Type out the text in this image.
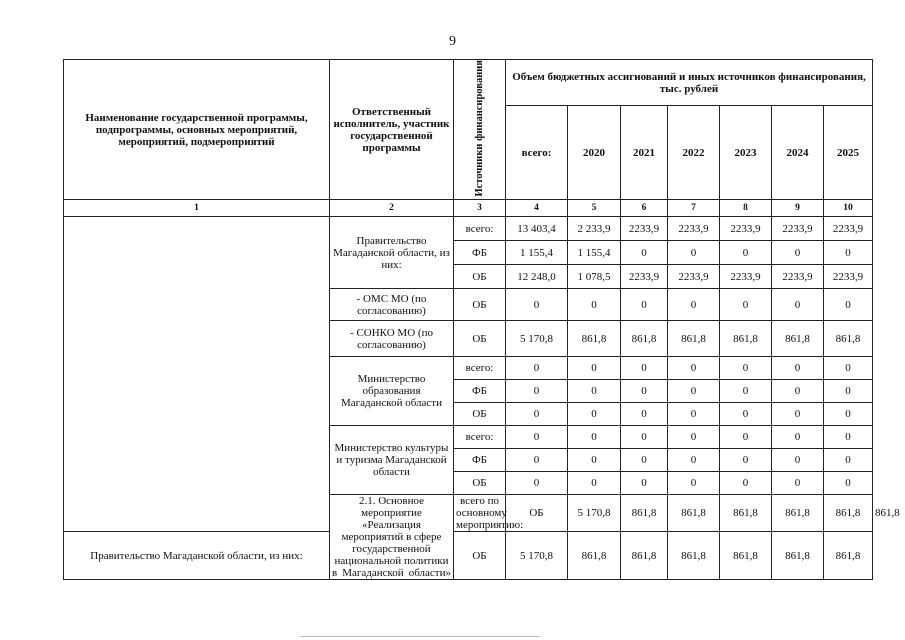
9
Наименование государственной программы, подпрограммы, основных мероприятий, мероприятий, подмероприятий	Ответственный исполнитель, участник государственной программы	Источники финансирования	Объем бюджетных ассигнований и иных источников финансирования, тыс. рублей							
			всего:	2020	2021	2022	2023	2024	2025	
1	2	3	4	5	6	7	8	9	10	
	Правительство Магаданской области, из них:	всего:	13 403,4	2 233,9	2233,9	2233,9	2233,9	2233,9	2233,9	
		ФБ	1 155,4	1 155,4	0	0	0	0	0	
		ОБ	12 248,0	1 078,5	2233,9	2233,9	2233,9	2233,9	2233,9	
	- ОМС МО (по согласованию)	ОБ	0	0	0	0	0	0	0	
	- СОНКО МО (по согласованию)	ОБ	5 170,8	861,8	861,8	861,8	861,8	861,8	861,8	
	Министерство образования Магаданской области	всего:	0	0	0	0	0	0	0	
		ФБ	0	0	0	0	0	0	0	
		ОБ	0	0	0	0	0	0	0	
	Министерство культуры и туризма Магаданской области	всего:	0	0	0	0	0	0	0	
		ФБ	0	0	0	0	0	0	0	
		ОБ	0	0	0	0	0	0	0	
	2.1. Основное мероприятие «Реализация мероприятий в сфере государственной национальной политики в Магаданской области»	всего по основному мероприятию:	ОБ	5 170,8	861,8	861,8	861,8	861,8	861,8	861,8
Правительство Магаданской области, из них:		ОБ	5 170,8	861,8	861,8	861,8	861,8	861,8	861,8	
